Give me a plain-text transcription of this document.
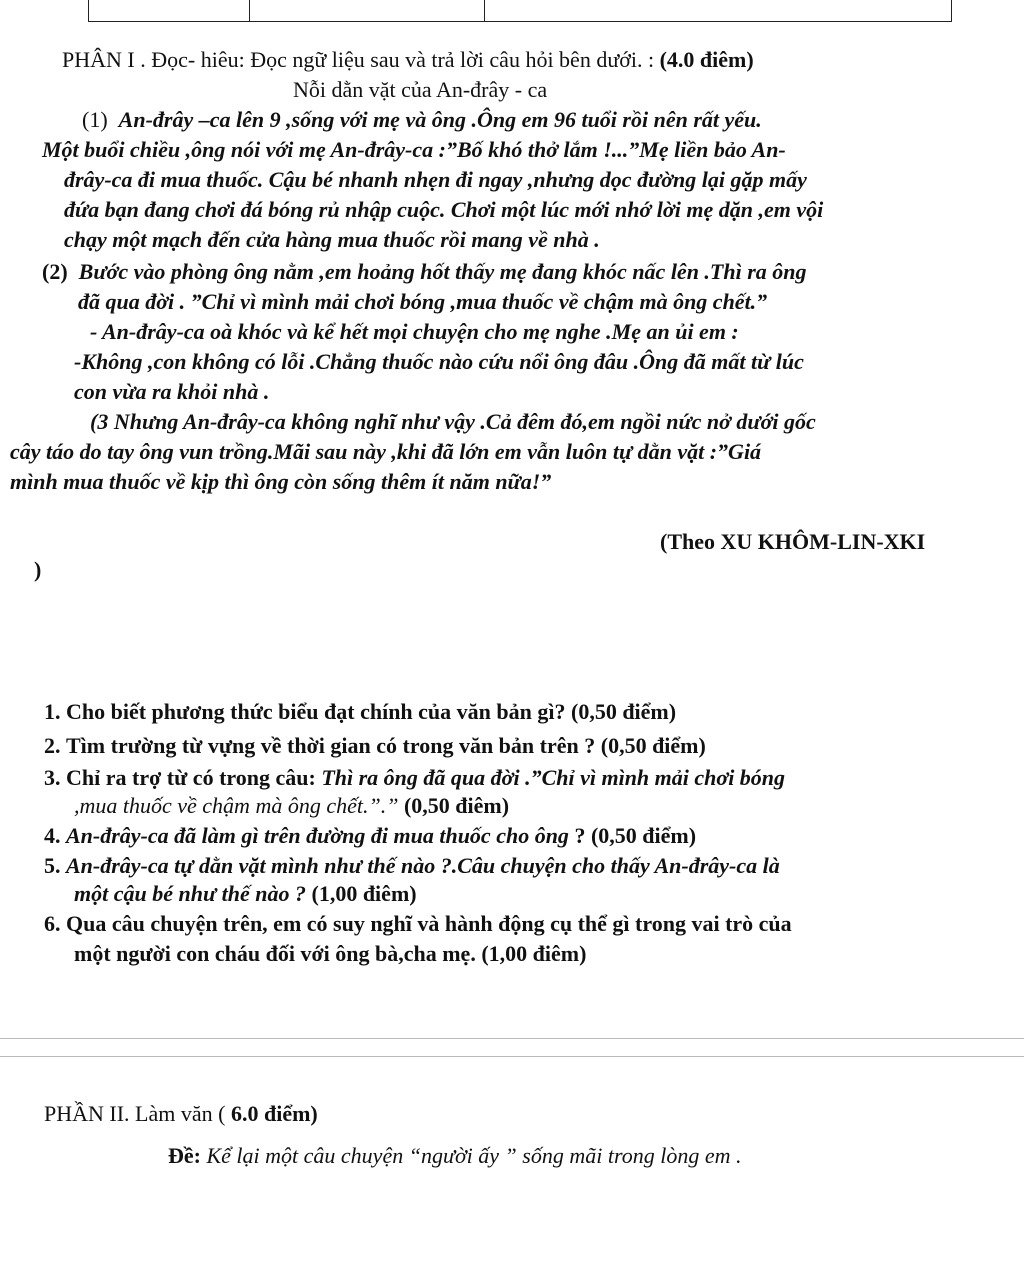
PHÂN I . Đọc- hiêu: Đọc ngữ liệu sau và trả lời câu hỏi bên dưới. : (4.0 điêm)
Nỗi dằn vặt của An-đrây - ca
(1) An-đrây –ca lên 9 ,sống với mẹ và ông .Ông em 96 tuổi rồi nên rất yếu.
Một buổi chiều ,ông nói với mẹ An-đrây-ca :”Bố khó thở lắm !...”Mẹ liền bảo An-
đrây-ca đi mua thuốc. Cậu bé nhanh nhẹn đi ngay ,nhưng dọc đường lại gặp mấy
đứa bạn đang chơi đá bóng rủ nhập cuộc. Chơi một lúc mới nhớ lời mẹ dặn ,em vội
chạy một mạch đến cửa hàng mua thuốc rồi mang về nhà .
(2) Bước vào phòng ông nằm ,em hoảng hốt thấy mẹ đang khóc nấc lên .Thì ra ông
đã qua đời . ”Chỉ vì mình mải chơi bóng ,mua thuốc về chậm mà ông chết.”
- An-đrây-ca oà khóc và kể hết mọi chuyện cho mẹ nghe .Mẹ an ủi em :
-Không ,con không có lỗi .Chẳng thuốc nào cứu nổi ông đâu .Ông đã mất từ lúc
con vừa ra khỏi nhà .
(3 Nhưng An-đrây-ca không nghĩ như vậy .Cả đêm đó,em ngồi nức nở dưới gốc
cây táo do tay ông vun trồng.Mãi sau này ,khi đã lớn em vẫn luôn tự dằn vặt :”Giá
mình mua thuốc về kịp thì ông còn sống thêm ít năm nữa!”
(Theo XU KHÔM-LIN-XKI
)
1. Cho biết phương thức biểu đạt chính của văn bản gì? (0,50 điểm)
2. Tìm trường từ vựng về thời gian có trong văn bản trên ? (0,50 điểm)
3. Chỉ ra trợ từ có trong câu: Thì ra ông đã qua đời .”Chỉ vì mình mải chơi bóng
,mua thuốc về chậm mà ông chết.”.” (0,50 điêm)
4. An-đrây-ca đã làm gì trên đường đi mua thuốc cho ông ? (0,50 điểm)
5. An-đrây-ca tự dằn vặt mình như thế nào ?.Câu chuyện cho thấy An-đrây-ca là
một cậu bé như thế nào ? (1,00 điêm)
6. Qua câu chuyện trên, em có suy nghĩ và hành động cụ thể gì trong vai trò của
một người con cháu đối với ông bà,cha mẹ. (1,00 điêm)
PHẦN II. Làm văn ( 6.0 điểm)
Đề: Kể lại một câu chuyện “người ấy ” sống mãi trong lòng em .
